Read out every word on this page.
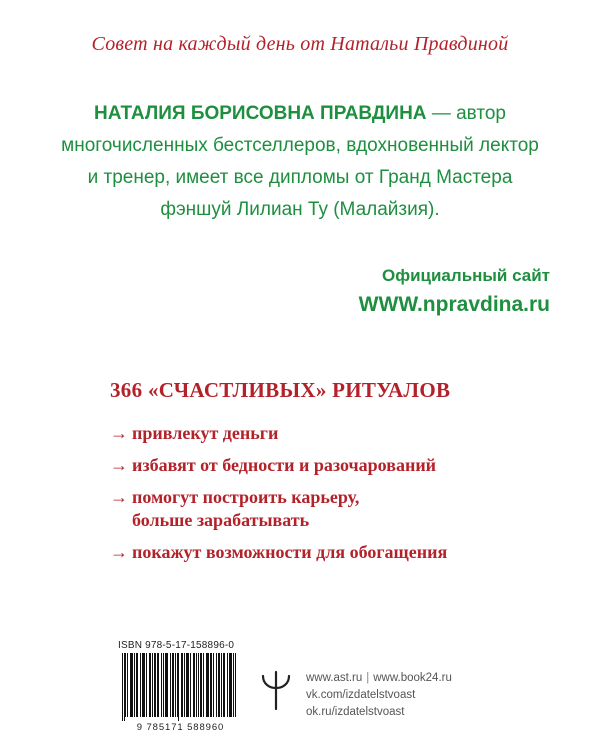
Совет на каждый день от Натальи Правдиной
НАТАЛИЯ БОРИСОВНА ПРАВДИНА — автор многочисленных бестселлеров, вдохновенный лектор и тренер, имеет все дипломы от Гранд Мастера фэншуй Лилиан Ту (Малайзия).
Официальный сайт
WWW.npravdina.ru
366 «СЧАСТЛИВЫХ» РИТУАЛОВ
→ привлекут деньги
→ избавят от бедности и разочарований
→ помогут построить карьеру,
больше зарабатывать
→ покажут возможности для обогащения
ISBN 978-5-17-158896-0
9 785171 588960
www.ast.ru | www.book24.ru
vk.com/izdatelstvoast
ok.ru/izdatelstvoast
